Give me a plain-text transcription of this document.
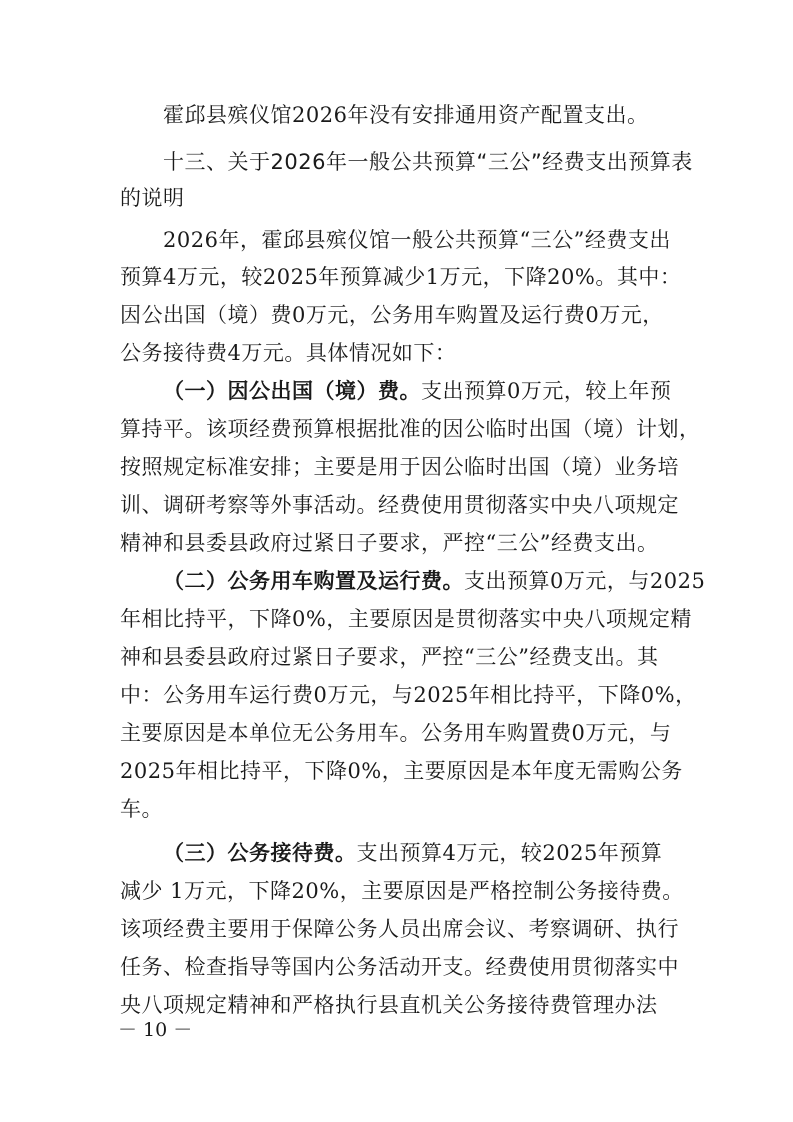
霍邱县殡仪馆2026年没有安排通用资产配置支出。
十三、关于2026年一般公共预算“三公”经费支出预算表
的说明
2026年，霍邱县殡仪馆一般公共预算“三公”经费支出
预算4万元，较2025年预算减少1万元，下降20%。其中：
因公出国（境）费0万元，公务用车购置及运行费0万元，
公务接待费4万元。具体情况如下：
（一）因公出国（境）费。支出预算0万元，较上年预
算持平。该项经费预算根据批准的因公临时出国（境）计划，
按照规定标准安排；主要是用于因公临时出国（境）业务培
训、调研考察等外事活动。经费使用贯彻落实中央八项规定
精神和县委县政府过紧日子要求，严控“三公”经费支出。
（二）公务用车购置及运行费。支出预算0万元，与2025
年相比持平，下降0%，主要原因是贯彻落实中央八项规定精
神和县委县政府过紧日子要求，严控“三公”经费支出。其
中：公务用车运行费0万元，与2025年相比持平，下降0%，
主要原因是本单位无公务用车。公务用车购置费0万元，与
2025年相比持平，下降0%，主要原因是本年度无需购公务
车。
（三）公务接待费。支出预算4万元，较2025年预算
减少 1万元，下降20%，主要原因是严格控制公务接待费。
该项经费主要用于保障公务人员出席会议、考察调研、执行
任务、检查指导等国内公务活动开支。经费使用贯彻落实中
央八项规定精神和严格执行县直机关公务接待费管理办法
－ 10 －
